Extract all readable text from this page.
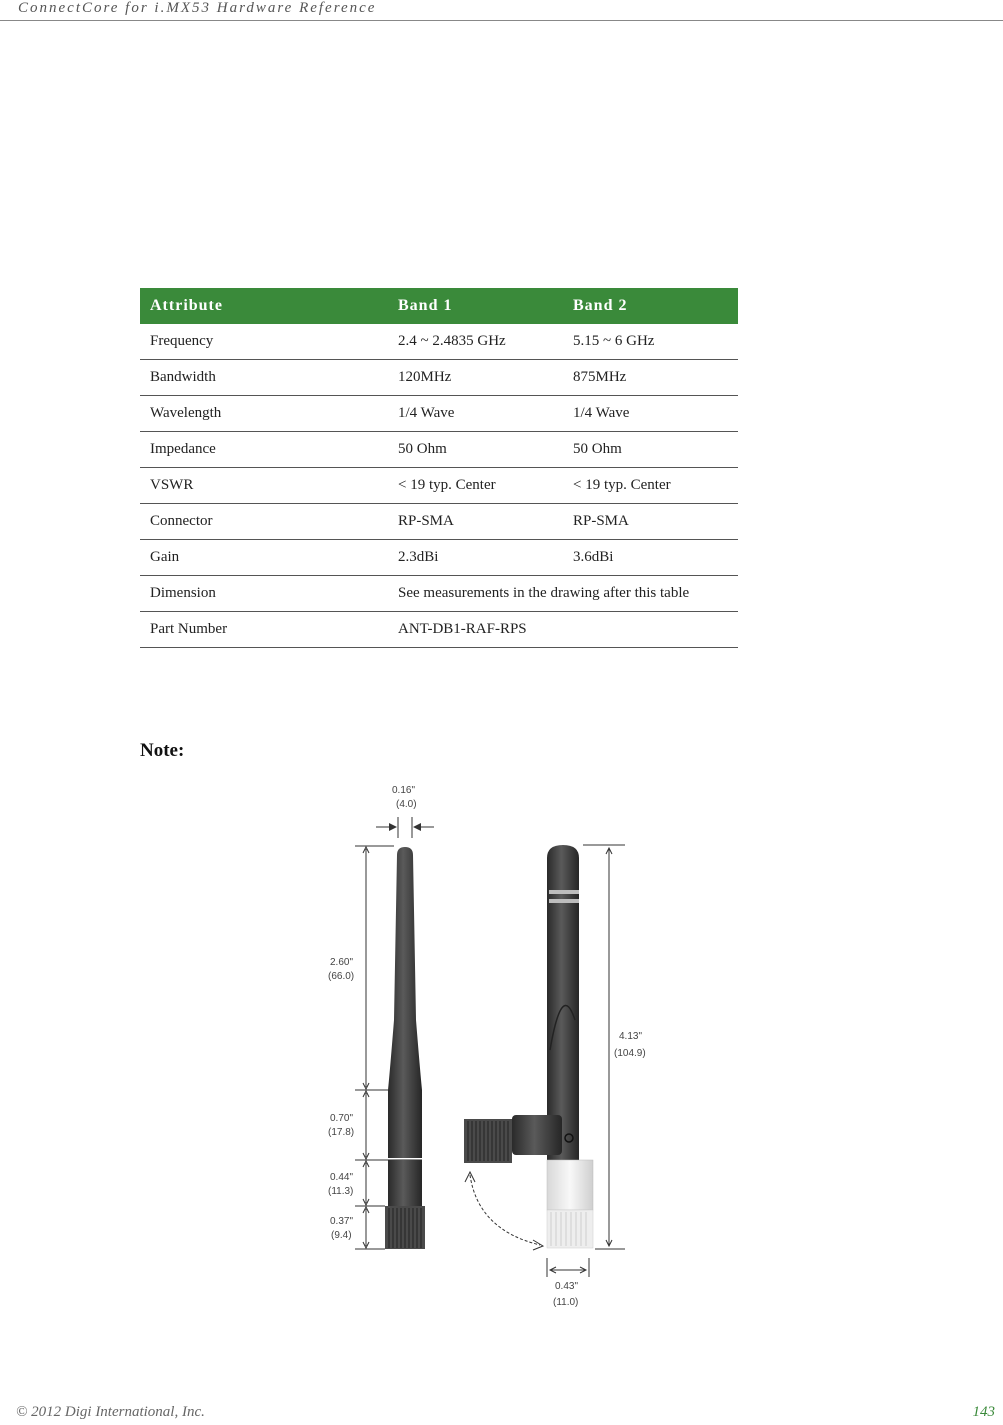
ConnectCore for i.MX53 Hardware Reference
Attribute	Band 1	Band 2
Frequency	2.4 ~ 2.4835 GHz	5.15 ~ 6 GHz
Bandwidth	120MHz	875MHz
Wavelength	1/4 Wave	1/4 Wave
Impedance	50 Ohm	50 Ohm
VSWR	< 19 typ. Center	< 19 typ. Center
Connector	RP-SMA	RP-SMA
Gain	2.3dBi	3.6dBi
Dimension	See measurements in the drawing after this table	
Part Number	ANT-DB1-RAF-RPS	
Note:
0.16"
(4.0)
2.60"
(66.0)
0.70"
(17.8)
0.44"
(11.3)
0.37"
(9.4)
4.13"
(104.9)
0.43"
(11.0)
© 2012 Digi International, Inc.	143
